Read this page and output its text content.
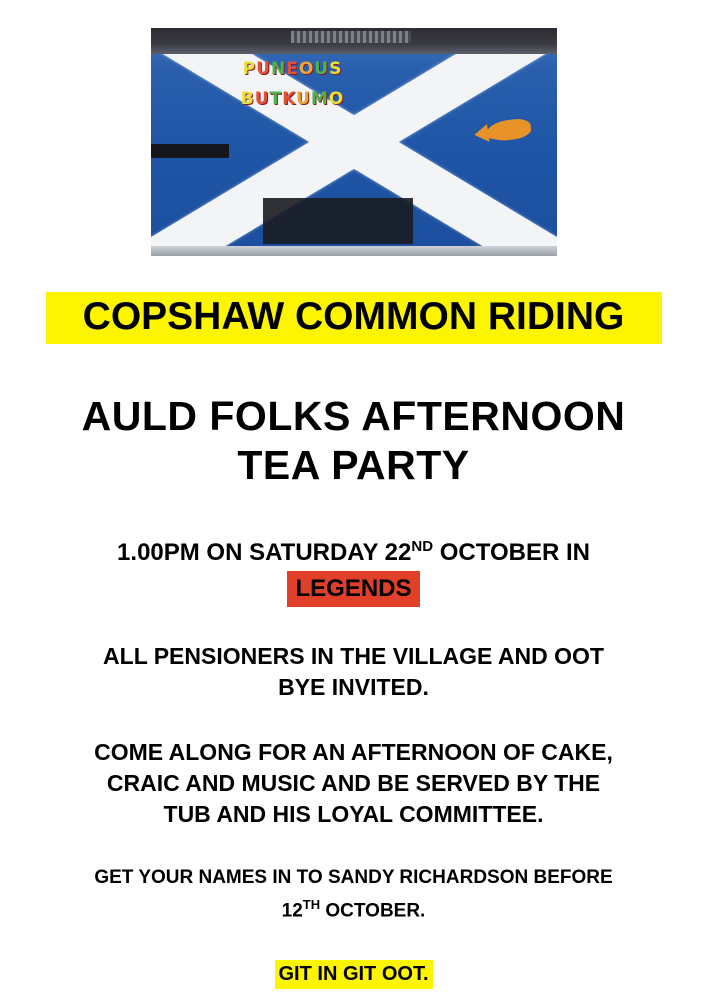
PUNEOUS
BUTKUMO
COPSHAW COMMON RIDING
AULD FOLKS AFTERNOON
TEA PARTY
1.00PM ON SATURDAY 22ND OCTOBER IN
LEGENDS
ALL PENSIONERS IN THE VILLAGE AND OOT
BYE INVITED.
COME ALONG FOR AN AFTERNOON OF CAKE,
CRAIC AND MUSIC AND BE SERVED BY THE
TUB AND HIS LOYAL COMMITTEE.
GET YOUR NAMES IN TO SANDY RICHARDSON BEFORE
12TH OCTOBER.
GIT IN GIT OOT.
